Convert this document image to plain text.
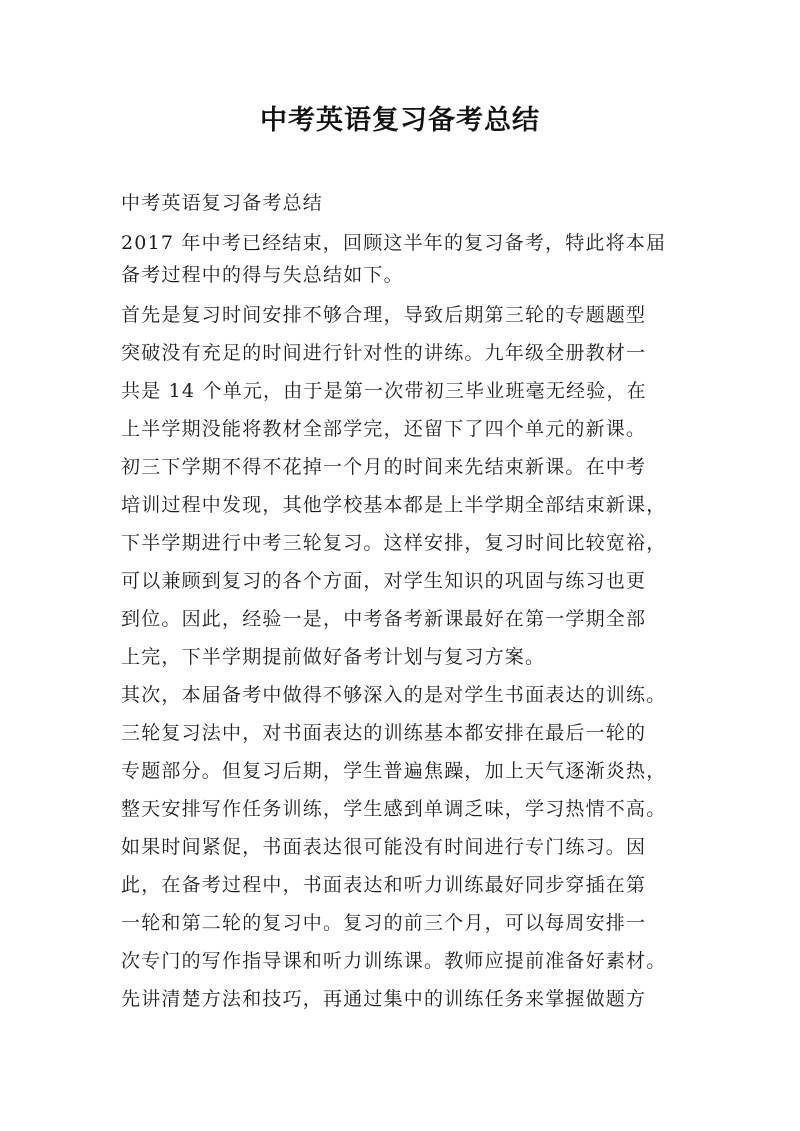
中考英语复习备考总结

中考英语复习备考总结

2017 年中考已经结束，回顾这半年的复习备考，特此将本届

备考过程中的得与失总结如下。

首先是复习时间安排不够合理，导致后期第三轮的专题题型

突破没有充足的时间进行针对性的讲练。九年级全册教材一

共是 14 个单元，由于是第一次带初三毕业班毫无经验，在

上半学期没能将教材全部学完，还留下了四个单元的新课。

初三下学期不得不花掉一个月的时间来先结束新课。在中考

培训过程中发现，其他学校基本都是上半学期全部结束新课，

下半学期进行中考三轮复习。这样安排，复习时间比较宽裕，

可以兼顾到复习的各个方面，对学生知识的巩固与练习也更

到位。因此，经验一是，中考备考新课最好在第一学期全部

上完，下半学期提前做好备考计划与复习方案。

其次，本届备考中做得不够深入的是对学生书面表达的训练。

三轮复习法中，对书面表达的训练基本都安排在最后一轮的

专题部分。但复习后期，学生普遍焦躁，加上天气逐渐炎热，

整天安排写作任务训练，学生感到单调乏味，学习热情不高。

如果时间紧促，书面表达很可能没有时间进行专门练习。因

此，在备考过程中，书面表达和听力训练最好同步穿插在第

一轮和第二轮的复习中。复习的前三个月，可以每周安排一

次专门的写作指导课和听力训练课。教师应提前准备好素材。

先讲清楚方法和技巧，再通过集中的训练任务来掌握做题方
